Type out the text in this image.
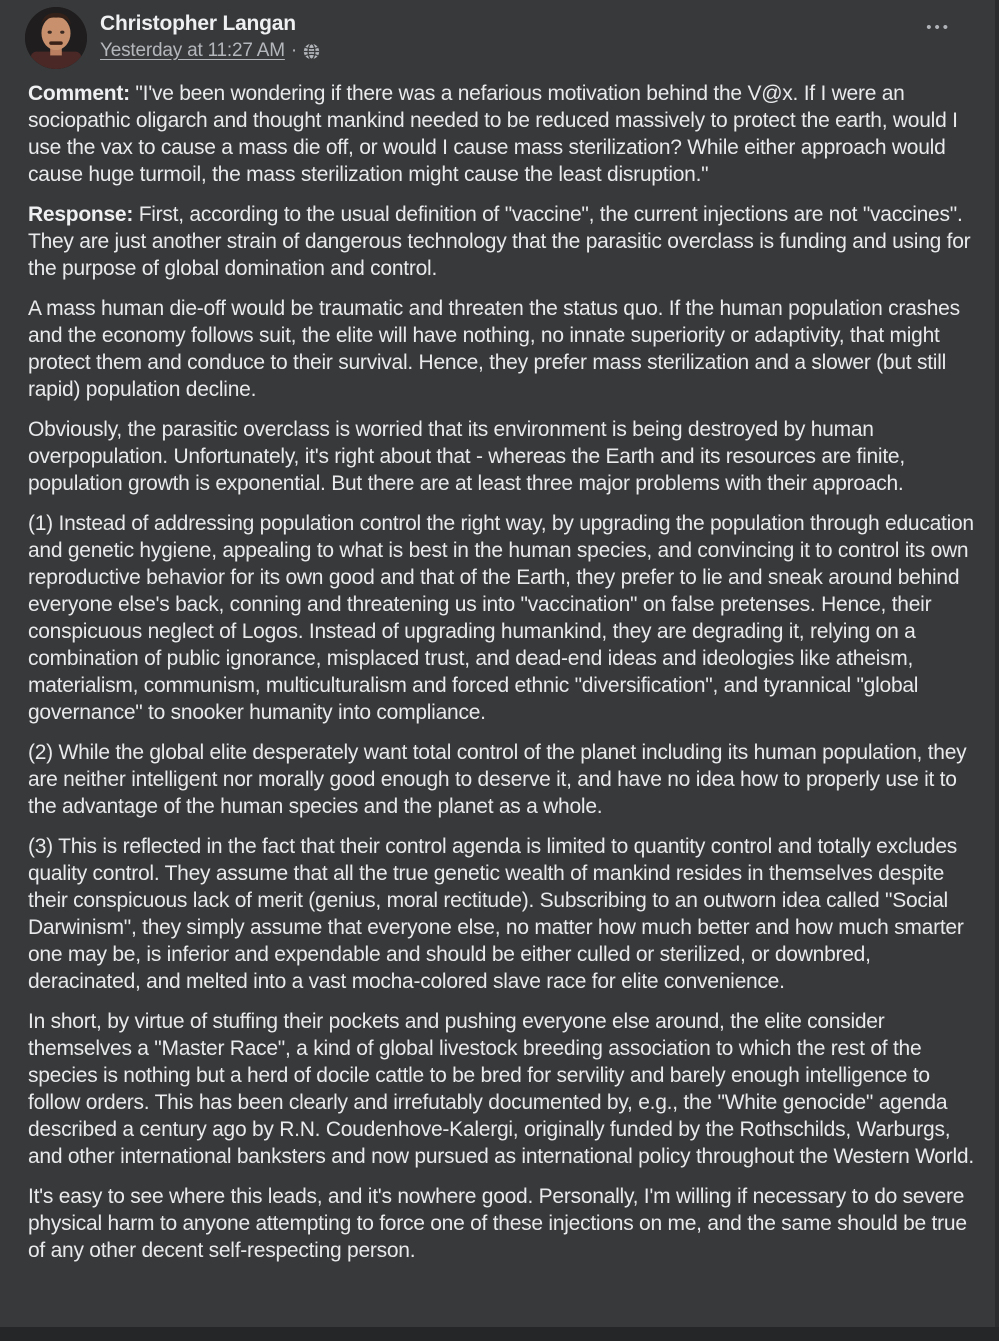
Christopher Langan
Yesterday at 11:27 AM ·
•••

Comment: "I've been wondering if there was a nefarious motivation behind the V@x. If I were an sociopathic oligarch and thought mankind needed to be reduced massively to protect the earth, would I use the vax to cause a mass die off, or would I cause mass sterilization? While either approach would cause huge turmoil, the mass sterilization might cause the least disruption."

Response: First, according to the usual definition of "vaccine", the current injections are not "vaccines". They are just another strain of dangerous technology that the parasitic overclass is funding and using for the purpose of global domination and control.

A mass human die-off would be traumatic and threaten the status quo. If the human population crashes and the economy follows suit, the elite will have nothing, no innate superiority or adaptivity, that might protect them and conduce to their survival. Hence, they prefer mass sterilization and a slower (but still rapid) population decline.

Obviously, the parasitic overclass is worried that its environment is being destroyed by human overpopulation. Unfortunately, it's right about that - whereas the Earth and its resources are finite, population growth is exponential. But there are at least three major problems with their approach.

(1) Instead of addressing population control the right way, by upgrading the population through education and genetic hygiene, appealing to what is best in the human species, and convincing it to control its own reproductive behavior for its own good and that of the Earth, they prefer to lie and sneak around behind everyone else's back, conning and threatening us into "vaccination" on false pretenses. Hence, their conspicuous neglect of Logos. Instead of upgrading humankind, they are degrading it, relying on a combination of public ignorance, misplaced trust, and dead-end ideas and ideologies like atheism, materialism, communism, multiculturalism and forced ethnic "diversification", and tyrannical "global governance" to snooker humanity into compliance.

(2) While the global elite desperately want total control of the planet including its human population, they are neither intelligent nor morally good enough to deserve it, and have no idea how to properly use it to the advantage of the human species and the planet as a whole.

(3) This is reflected in the fact that their control agenda is limited to quantity control and totally excludes quality control. They assume that all the true genetic wealth of mankind resides in themselves despite their conspicuous lack of merit (genius, moral rectitude). Subscribing to an outworn idea called "Social Darwinism", they simply assume that everyone else, no matter how much better and how much smarter one may be, is inferior and expendable and should be either culled or sterilized, or downbred, deracinated, and melted into a vast mocha-colored slave race for elite convenience.

In short, by virtue of stuffing their pockets and pushing everyone else around, the elite consider themselves a "Master Race", a kind of global livestock breeding association to which the rest of the species is nothing but a herd of docile cattle to be bred for servility and barely enough intelligence to follow orders. This has been clearly and irrefutably documented by, e.g., the "White genocide" agenda described a century ago by R.N. Coudenhove-Kalergi, originally funded by the Rothschilds, Warburgs, and other international banksters and now pursued as international policy throughout the Western World.

It's easy to see where this leads, and it's nowhere good. Personally, I'm willing if necessary to do severe physical harm to anyone attempting to force one of these injections on me, and the same should be true of any other decent self-respecting person.
